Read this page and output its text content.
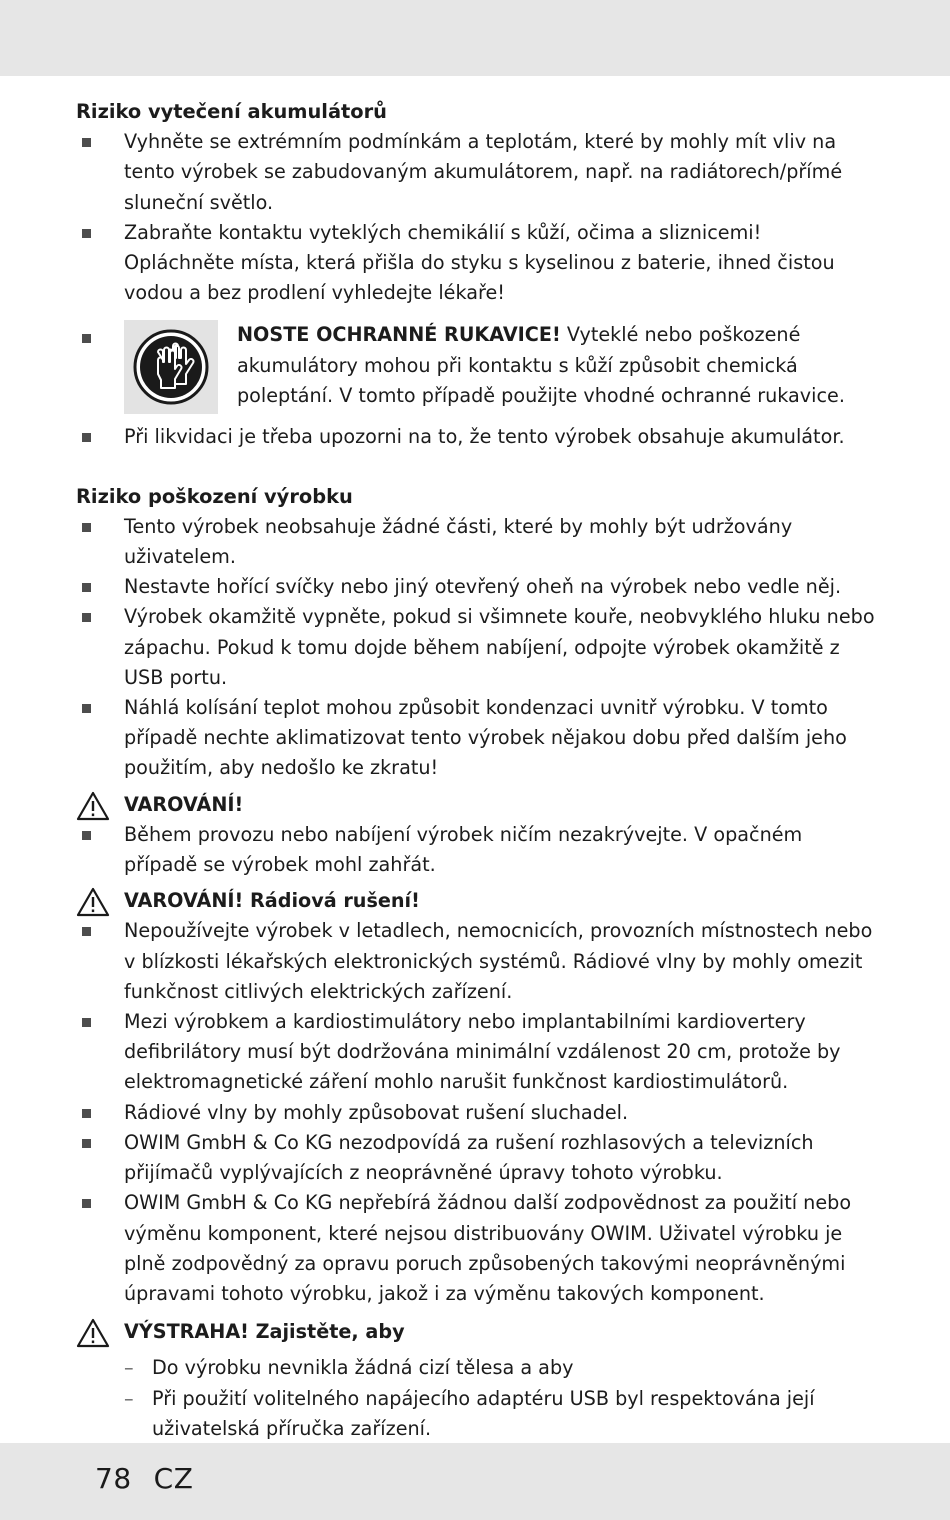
Riziko vytečení akumulátorů

Vyhněte se extrémním podmínkám a teplotám, které by mohly mít vliv na tento výrobek se zabudovaným akumulátorem, např. na radiátorech/přímé sluneční světlo.
Zabraňte kontaktu vyteklých chemikálií s kůží, očima a sliznicemi! Opláchněte místa, která přišla do styku s kyselinou z baterie, ihned čistou vodou a bez prodlení vyhledejte lékaře!
NOSTE OCHRANNÉ RUKAVICE! Vyteklé nebo poškozené akumulátory mohou při kontaktu s kůží způsobit chemická poleptání. V tomto případě použijte vhodné ochranné rukavice.
Při likvidaci je třeba upozorni na to, že tento výrobek obsahuje akumulátor.

Riziko poškození výrobku

Tento výrobek neobsahuje žádné části, které by mohly být udržovány uživatelem.
Nestavte hořící svíčky nebo jiný otevřený oheň na výrobek nebo vedle něj.
Výrobek okamžitě vypněte, pokud si všimnete kouře, neobvyklého hluku nebo zápachu. Pokud k tomu dojde během nabíjení, odpojte výrobek okamžitě z USB portu.
Náhlá kolísání teplot mohou způsobit kondenzaci uvnitř výrobku. V tomto případě nechte aklimatizovat tento výrobek nějakou dobu před dalším jeho použitím, aby nedošlo ke zkratu!
VAROVÁNÍ!
Během provozu nebo nabíjení výrobek ničím nezakrývejte. V opačném případě se výrobek mohl zahřát.
VAROVÁNÍ! Rádiová rušení!
Nepoužívejte výrobek v letadlech, nemocnicích, provozních místnostech nebo v blízkosti lékařských elektronických systémů. Rádiové vlny by mohly omezit funkčnost citlivých elektrických zařízení.
Mezi výrobkem a kardiostimulátory nebo implantabilními kardiovertery defibrilátory musí být dodržována minimální vzdálenost 20 cm, protože by elektromagnetické záření mohlo narušit funkčnost kardiostimulátorů.
Rádiové vlny by mohly způsobovat rušení sluchadel.
OWIM GmbH & Co KG nezodpovídá za rušení rozhlasových a televizních přijímačů vyplývajících z neoprávněné úpravy tohoto výrobku.
OWIM GmbH & Co KG nepřebírá žádnou další zodpovědnost za použití nebo výměnu komponent, které nejsou distribuovány OWIM. Uživatel výrobku je plně zodpovědný za opravu poruch způsobených takovými neoprávněnými úpravami tohoto výrobku, jakož i za výměnu takových komponent.
VÝSTRAHA! Zajistěte, aby
– Do výrobku nevnikla žádná cizí tělesa a aby
– Při použití volitelného napájecího adaptéru USB byl respektována její uživatelská příručka zařízení.
78 CZ
